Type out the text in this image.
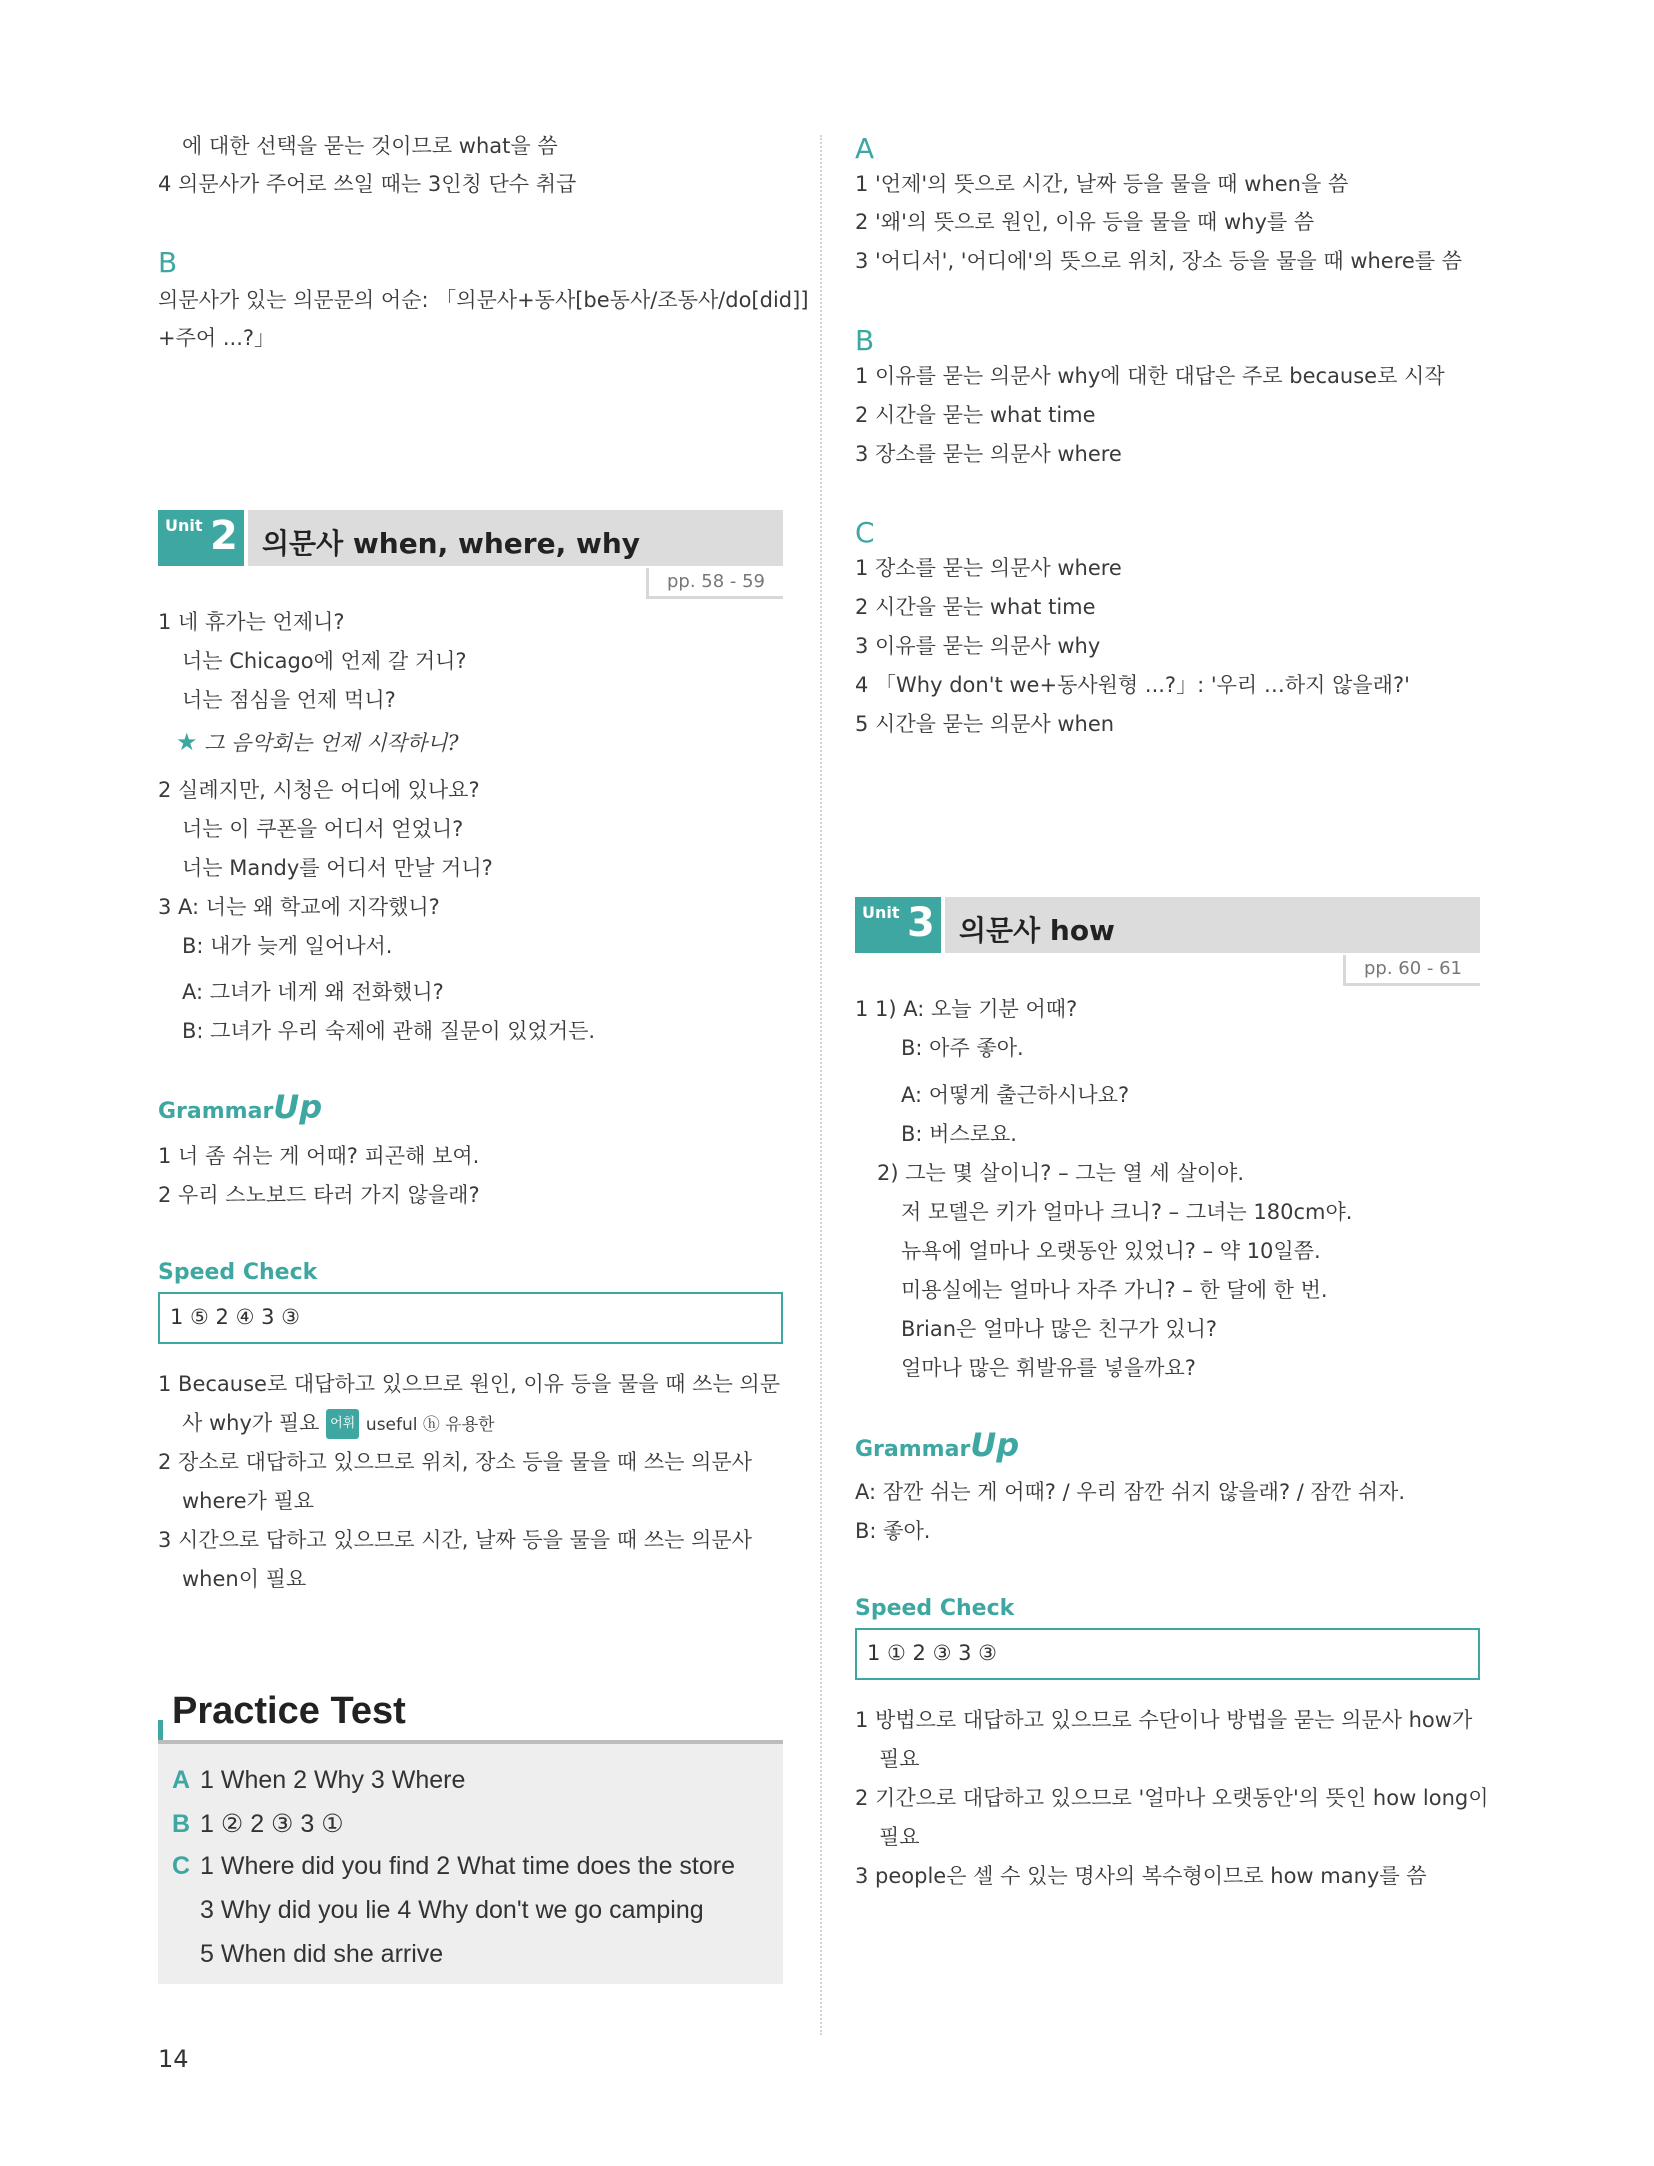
에 대한 선택을 묻는 것이므로 what을 씀
4 의문사가 주어로 쓰일 때는 3인칭 단수 취급
B
의문사가 있는 의문문의 어순: 「의문사+동사[be동사/조동사/do[did]]
+주어 ...?」
Unit 2 의문사 when, where, why
pp. 58 - 59
1 네 휴가는 언제니?
너는 Chicago에 언제 갈 거니?
너는 점심을 언제 먹니?
★ 그 음악회는 언제 시작하니?
2 실례지만, 시청은 어디에 있나요?
너는 이 쿠폰을 어디서 얻었니?
너는 Mandy를 어디서 만날 거니?
3 A: 너는 왜 학교에 지각했니?
B: 내가 늦게 일어나서.
A: 그녀가 네게 왜 전화했니?
B: 그녀가 우리 숙제에 관해 질문이 있었거든.
GrammarUp
1 너 좀 쉬는 게 어때? 피곤해 보여.
2 우리 스노보드 타러 가지 않을래?
Speed Check
1 ⑤ 2 ④ 3 ③
1 Because로 대답하고 있으므로 원인, 이유 등을 물을 때 쓰는 의문
사 why가 필요 어휘 useful ⓗ 유용한
2 장소로 대답하고 있으므로 위치, 장소 등을 물을 때 쓰는 의문사
where가 필요
3 시간으로 답하고 있으므로 시간, 날짜 등을 물을 때 쓰는 의문사
when이 필요
Practice Test
A 1 When 2 Why 3 Where
B 1 ② 2 ③ 3 ①
C 1 Where did you find 2 What time does the store
3 Why did you lie 4 Why don't we go camping
5 When did she arrive
14
A
1 '언제'의 뜻으로 시간, 날짜 등을 물을 때 when을 씀
2 '왜'의 뜻으로 원인, 이유 등을 물을 때 why를 씀
3 '어디서', '어디에'의 뜻으로 위치, 장소 등을 물을 때 where를 씀
B
1 이유를 묻는 의문사 why에 대한 대답은 주로 because로 시작
2 시간을 묻는 what time
3 장소를 묻는 의문사 where
C
1 장소를 묻는 의문사 where
2 시간을 묻는 what time
3 이유를 묻는 의문사 why
4 「Why don't we+동사원형 ...?」: '우리 …하지 않을래?'
5 시간을 묻는 의문사 when
Unit 3 의문사 how
pp. 60 - 61
1 1) A: 오늘 기분 어때?
B: 아주 좋아.
A: 어떻게 출근하시나요?
B: 버스로요.
2) 그는 몇 살이니? – 그는 열 세 살이야.
저 모델은 키가 얼마나 크니? – 그녀는 180cm야.
뉴욕에 얼마나 오랫동안 있었니? – 약 10일쯤.
미용실에는 얼마나 자주 가니? – 한 달에 한 번.
Brian은 얼마나 많은 친구가 있니?
얼마나 많은 휘발유를 넣을까요?
GrammarUp
A: 잠깐 쉬는 게 어때? / 우리 잠깐 쉬지 않을래? / 잠깐 쉬자.
B: 좋아.
Speed Check
1 ① 2 ③ 3 ③
1 방법으로 대답하고 있으므로 수단이나 방법을 묻는 의문사 how가
필요
2 기간으로 대답하고 있으므로 '얼마나 오랫동안'의 뜻인 how long이
필요
3 people은 셀 수 있는 명사의 복수형이므로 how many를 씀
